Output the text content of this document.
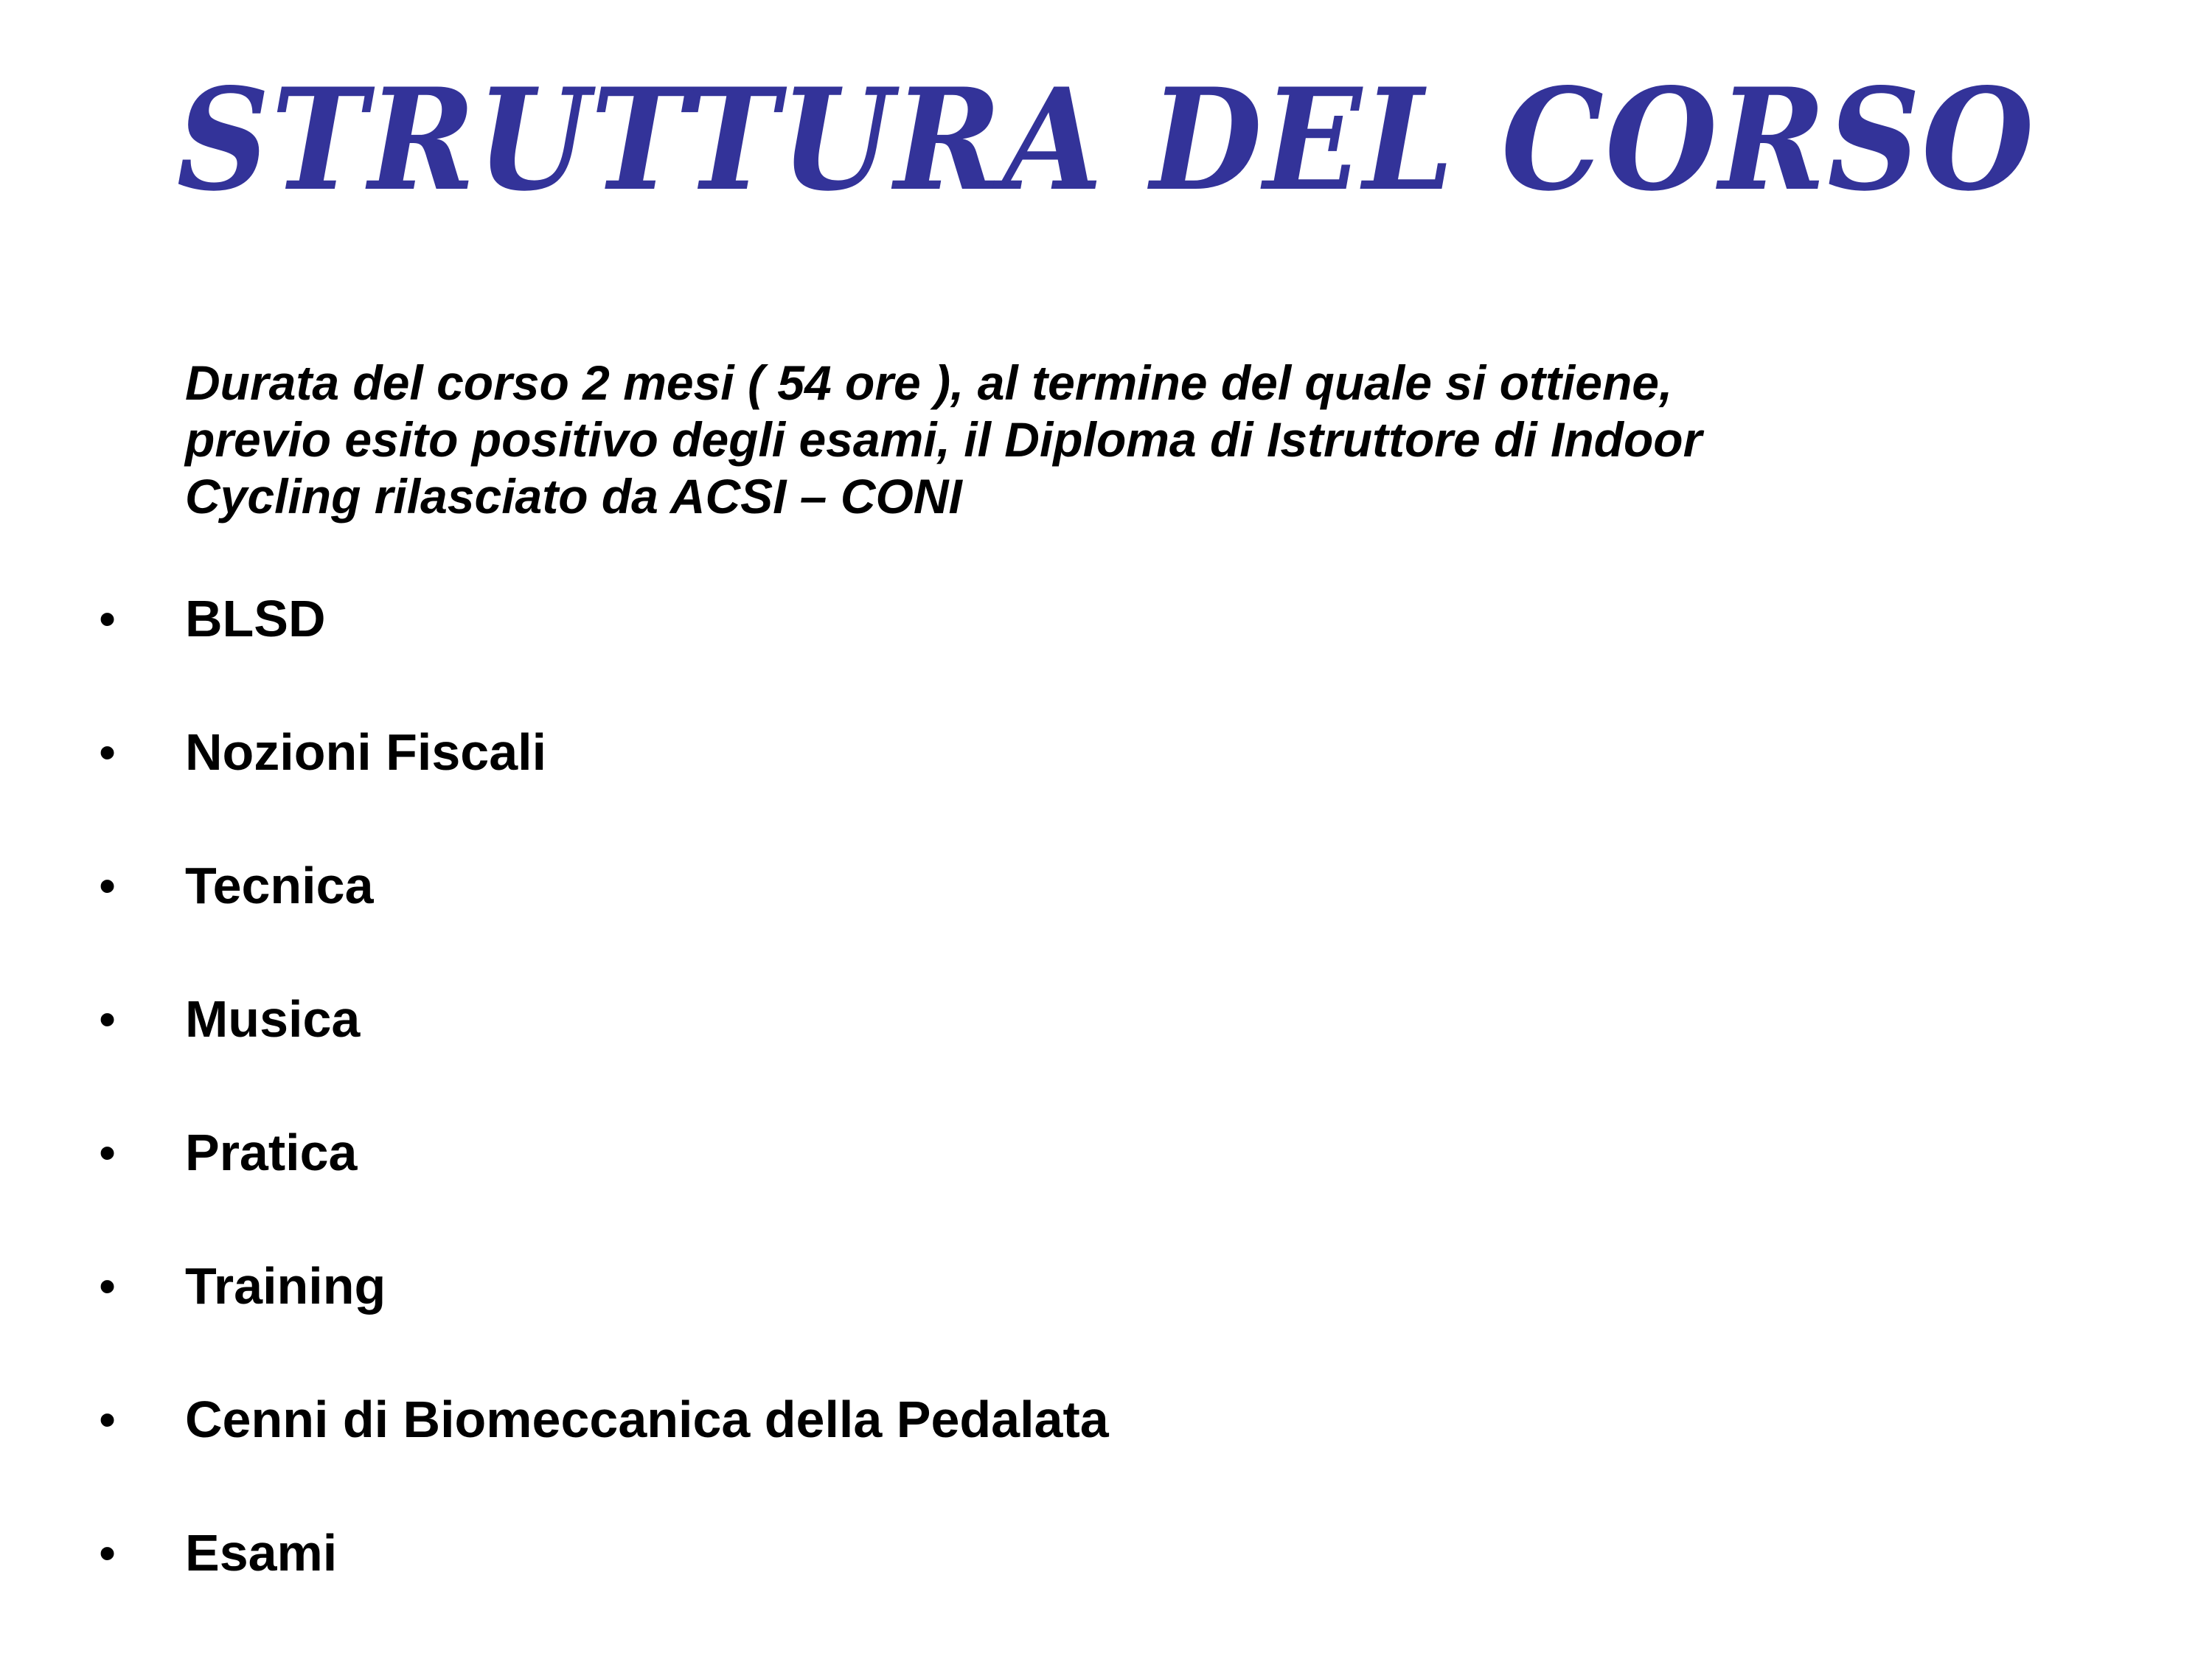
STRUTTURA DEL CORSO
Durata del corso 2 mesi ( 54 ore ), al termine del quale si ottiene,
previo esito positivo degli esami, il Diploma di Istruttore di Indoor
Cycling rilasciato da ACSI – CONI
• BLSD
• Nozioni Fiscali
• Tecnica
• Musica
• Pratica
• Training
• Cenni di Biomeccanica della Pedalata
• Esami
